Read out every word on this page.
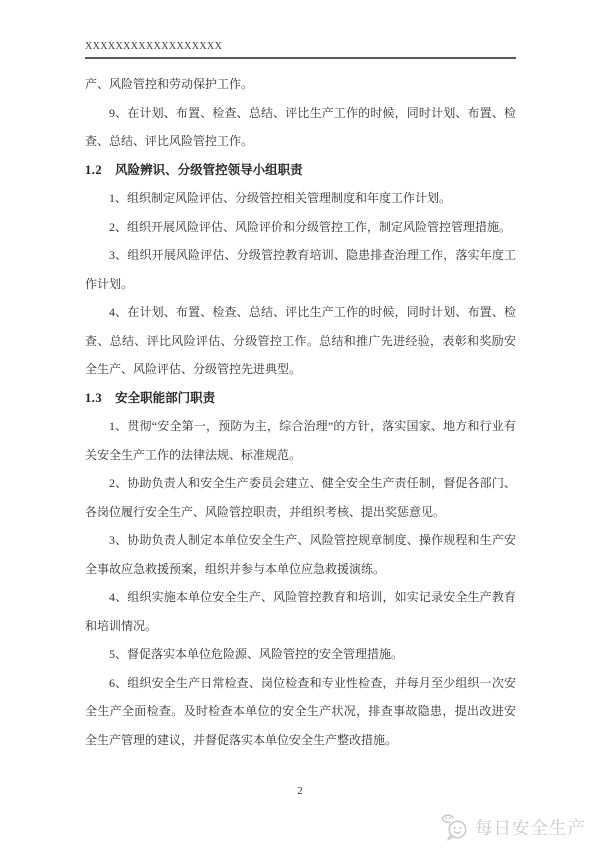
XXXXXXXXXXXXXXXXXX

产、风险管控和劳动保护工作。

9、在计划、布置、检查、总结、评比生产工作的时候，同时计划、布置、检查、总结、评比风险管控工作。

1.2 风险辨识、分级管控领导小组职责

1、组织制定风险评估、分级管控相关管理制度和年度工作计划。

2、组织开展风险评估、风险评价和分级管控工作，制定风险管控管理措施。

3、组织开展风险评估、分级管控教育培训、隐患排查治理工作，落实年度工作计划。

4、在计划、布置、检查、总结、评比生产工作的时候，同时计划、布置、检查、总结、评比风险评估、分级管控工作。总结和推广先进经验，表彰和奖励安全生产、风险评估、分级管控先进典型。

1.3 安全职能部门职责

1、贯彻“安全第一，预防为主，综合治理”的方针，落实国家、地方和行业有关安全生产工作的法律法规、标准规范。

2、协助负责人和安全生产委员会建立、健全安全生产责任制，督促各部门、各岗位履行安全生产、风险管控职责，并组织考核、提出奖惩意见。

3、协助负责人制定本单位安全生产、风险管控规章制度、操作规程和生产安全事故应急救援预案，组织并参与本单位应急救援演练。

4、组织实施本单位安全生产、风险管控教育和培训，如实记录安全生产教育和培训情况。

5、督促落实本单位危险源、风险管控的安全管理措施。

6、组织安全生产日常检查、岗位检查和专业性检查，并每月至少组织一次安全生产全面检查。及时检查本单位的安全生产状况，排查事故隐患，提出改进安全生产管理的建议，并督促落实本单位安全生产整改措施。

2
每日安全生产
